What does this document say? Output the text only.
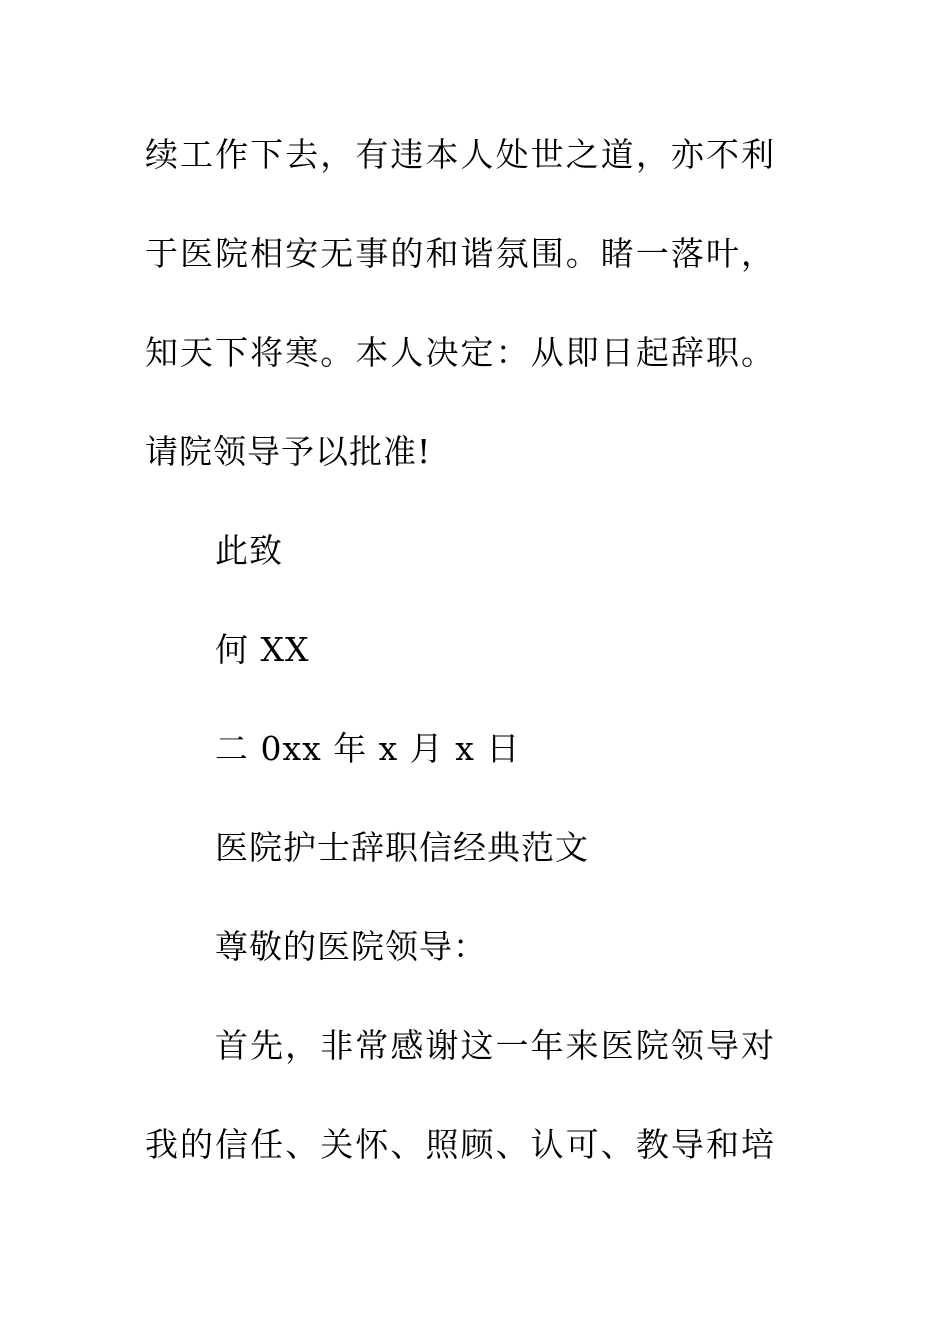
续工作下去，有违本人处世之道，亦不利
于医院相安无事的和谐氛围。睹一落叶，
知天下将寒。本人决定：从即日起辞职。
请院领导予以批准!
此致
何 XX
二 0xx 年 x 月 x 日
医院护士辞职信经典范文
尊敬的医院领导：
首先，非常感谢这一年来医院领导对
我的信任、关怀、照顾、认可、教导和培
